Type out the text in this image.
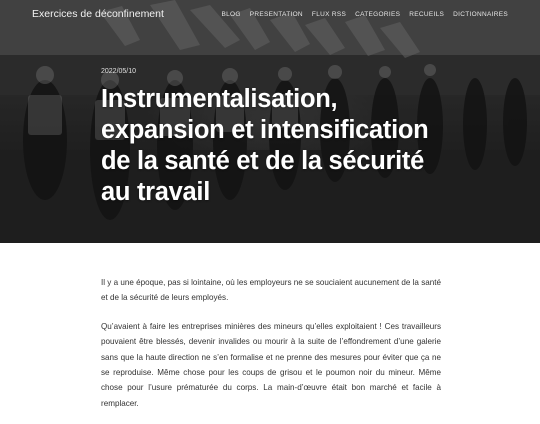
Exercices de déconfinement	BLOG PRESENTATION FLUX RSS CATEGORIES RECUEILS DICTIONNAIRES
2022/05/10
Instrumentalisation, expansion et intensification de la santé et de la sécurité au travail

Il y a une époque, pas si lointaine, où les employeurs ne se souciaient aucunement de la santé et de la sécurité de leurs employés.

Qu’avaient à faire les entreprises minières des mineurs qu’elles exploitaient ! Ces travailleurs pouvaient être blessés, devenir invalides ou mourir à la suite de l’effondrement d’une galerie sans que la haute direction ne s’en formalise et ne prenne des mesures pour éviter que ça ne se reproduise. Même chose pour les coups de grisou et le poumon noir du mineur. Même chose pour l’usure prématurée du corps. La main-d’œuvre était bon marché et facile à remplacer.
